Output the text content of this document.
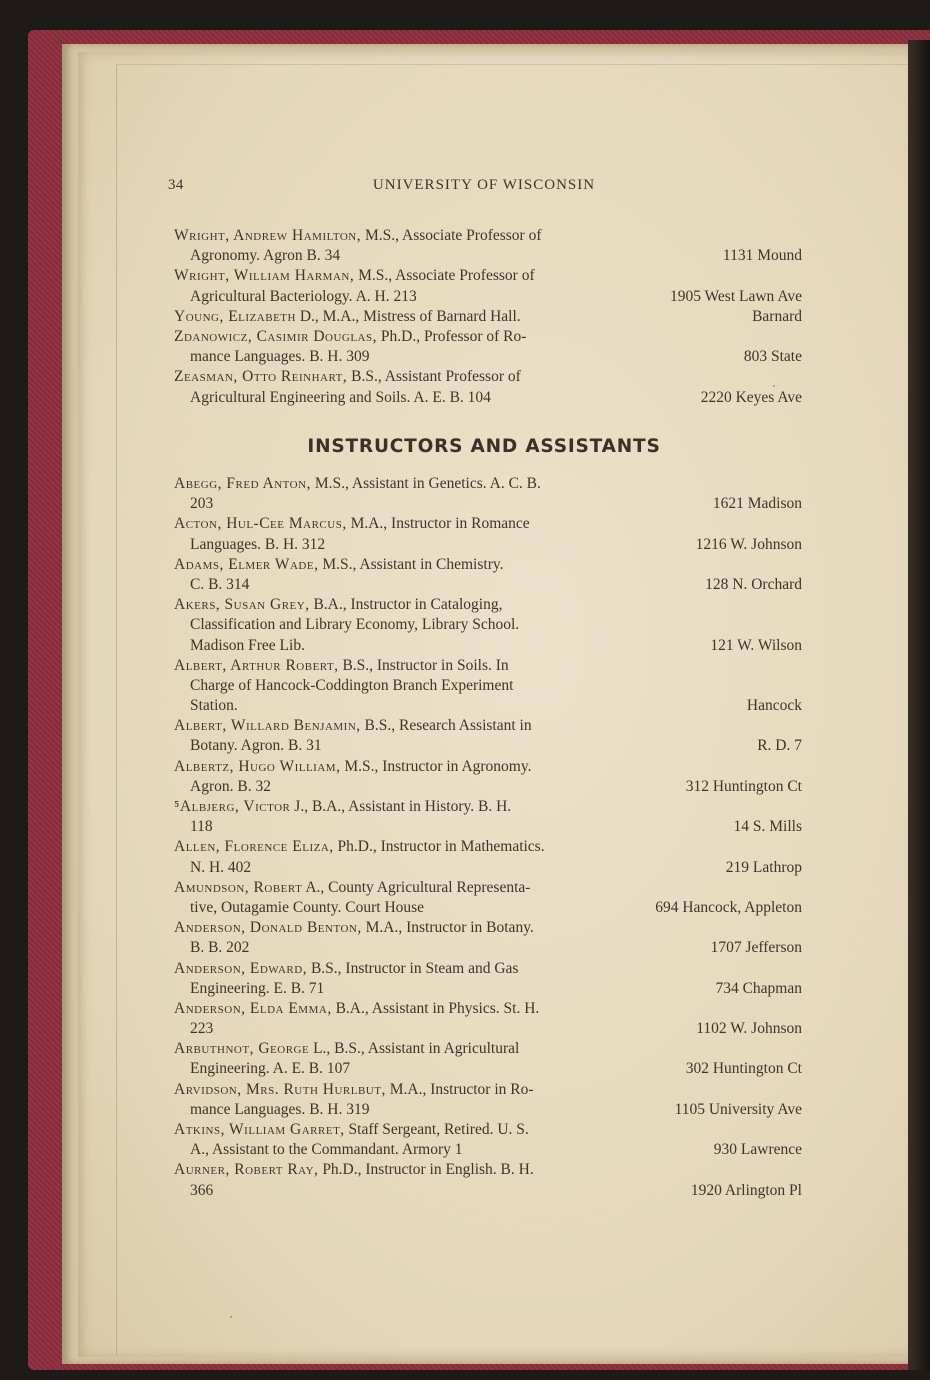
34	UNIVERSITY OF WISCONSIN
Wright, Andrew Hamilton, M.S., Associate Professor of
Agronomy. Agron B. 34	1131 Mound
Wright, William Harman, M.S., Associate Professor of
Agricultural Bacteriology. A. H. 213	1905 West Lawn Ave
Young, Elizabeth D., M.A., Mistress of Barnard Hall.	Barnard
Zdanowicz, Casimir Douglas, Ph.D., Professor of Ro-
mance Languages. B. H. 309	803 State
Zeasman, Otto Reinhart, B.S., Assistant Professor of
Agricultural Engineering and Soils. A. E. B. 104	2220 Keyes Ave
INSTRUCTORS AND ASSISTANTS
Abegg, Fred Anton, M.S., Assistant in Genetics. A. C. B.
203	1621 Madison
Acton, Hul-Cee Marcus, M.A., Instructor in Romance
Languages. B. H. 312	1216 W. Johnson
Adams, Elmer Wade, M.S., Assistant in Chemistry.
C. B. 314	128 N. Orchard
Akers, Susan Grey, B.A., Instructor in Cataloging,
Classification and Library Economy, Library School.
Madison Free Lib.	121 W. Wilson
Albert, Arthur Robert, B.S., Instructor in Soils. In
Charge of Hancock-Coddington Branch Experiment
Station.	Hancock
Albert, Willard Benjamin, B.S., Research Assistant in
Botany. Agron. B. 31	R. D. 7
Albertz, Hugo William, M.S., Instructor in Agronomy.
Agron. B. 32	312 Huntington Ct
⁵Albjerg, Victor J., B.A., Assistant in History. B. H.
118	14 S. Mills
Allen, Florence Eliza, Ph.D., Instructor in Mathematics.
N. H. 402	219 Lathrop
Amundson, Robert A., County Agricultural Representa-
tive, Outagamie County. Court House	694 Hancock, Appleton
Anderson, Donald Benton, M.A., Instructor in Botany.
B. B. 202	1707 Jefferson
Anderson, Edward, B.S., Instructor in Steam and Gas
Engineering. E. B. 71	734 Chapman
Anderson, Elda Emma, B.A., Assistant in Physics. St. H.
223	1102 W. Johnson
Arbuthnot, George L., B.S., Assistant in Agricultural
Engineering. A. E. B. 107	302 Huntington Ct
Arvidson, Mrs. Ruth Hurlbut, M.A., Instructor in Ro-
mance Languages. B. H. 319	1105 University Ave
Atkins, William Garret, Staff Sergeant, Retired. U. S.
A., Assistant to the Commandant. Armory 1	930 Lawrence
Aurner, Robert Ray, Ph.D., Instructor in English. B. H.
366	1920 Arlington Pl
